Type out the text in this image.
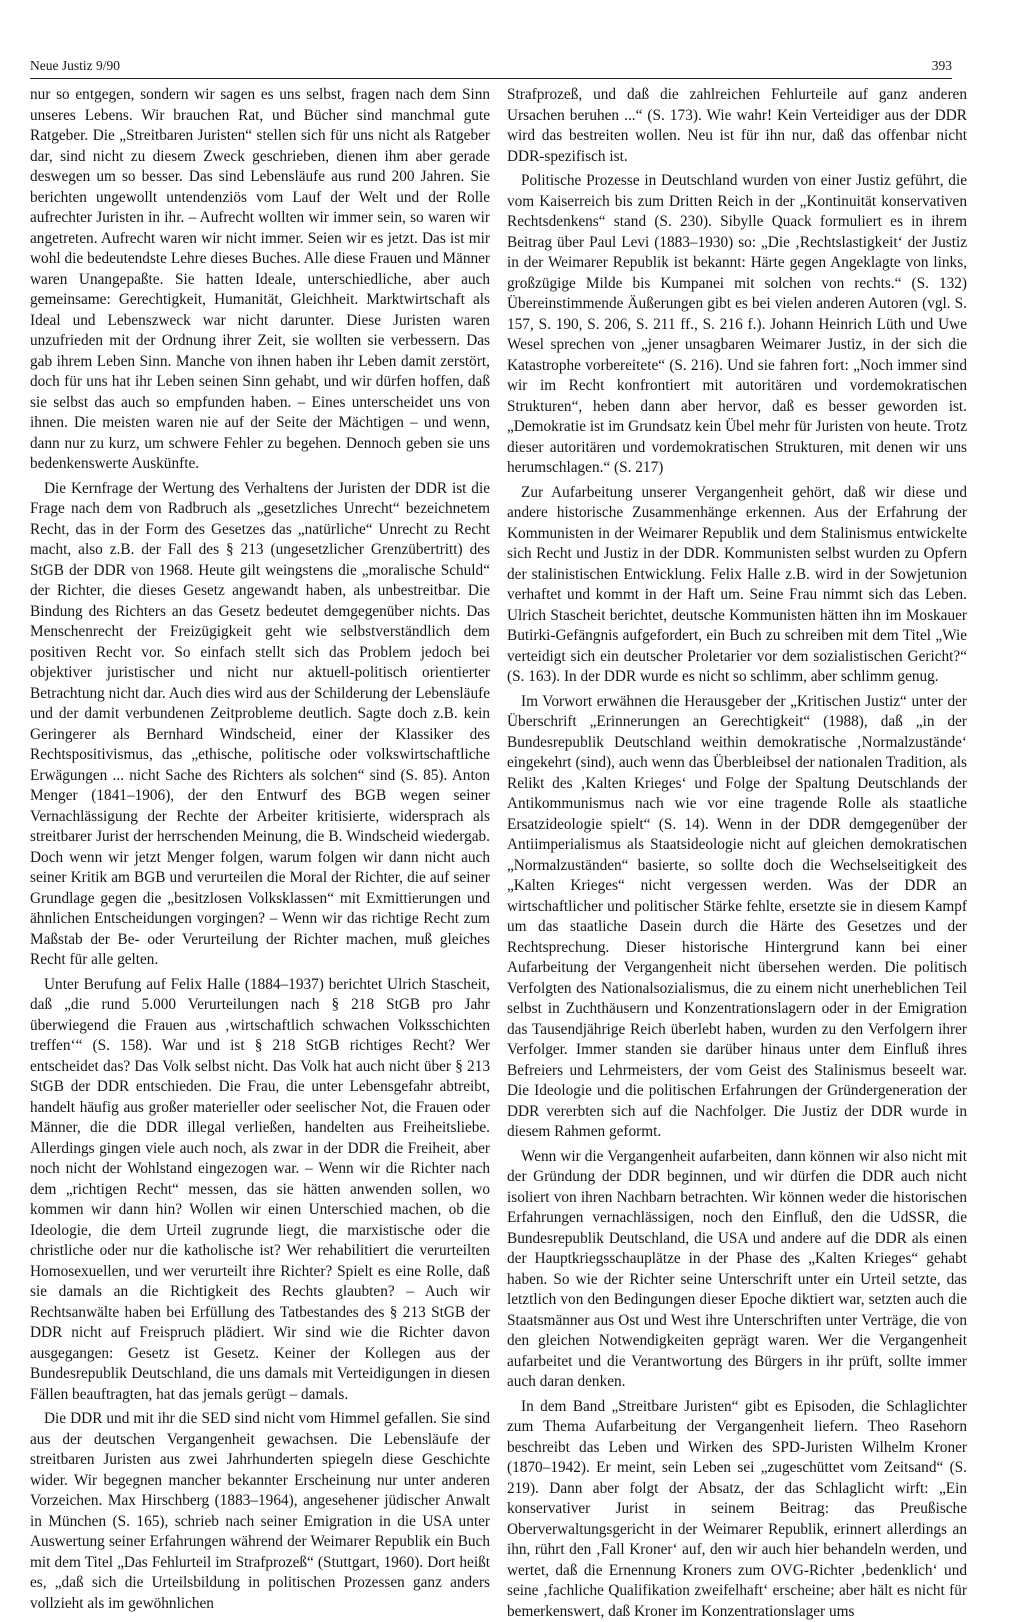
Neue Justiz 9/90	393

nur so entgegen, sondern wir sagen es uns selbst, fragen nach dem Sinn unseres Lebens. Wir brauchen Rat, und Bücher sind manchmal gute Ratgeber. Die „Streitbaren Juristen“ stellen sich für uns nicht als Ratgeber dar, sind nicht zu diesem Zweck geschrieben, dienen ihm aber gerade deswegen um so besser. Das sind Lebensläufe aus rund 200 Jahren. Sie berichten ungewollt untendenziös vom Lauf der Welt und der Rolle aufrechter Juristen in ihr. – Aufrecht wollten wir immer sein, so waren wir angetreten. Aufrecht waren wir nicht immer. Seien wir es jetzt. Das ist mir wohl die bedeutendste Lehre dieses Buches. Alle diese Frauen und Männer waren Unangepaßte. Sie hatten Ideale, unterschiedliche, aber auch gemeinsame: Gerechtigkeit, Humanität, Gleichheit. Marktwirtschaft als Ideal und Lebenszweck war nicht darunter. Diese Juristen waren unzufrieden mit der Ordnung ihrer Zeit, sie wollten sie verbessern. Das gab ihrem Leben Sinn. Manche von ihnen haben ihr Leben damit zerstört, doch für uns hat ihr Leben seinen Sinn gehabt, und wir dürfen hoffen, daß sie selbst das auch so empfunden haben. – Eines unterscheidet uns von ihnen. Die meisten waren nie auf der Seite der Mächtigen – und wenn, dann nur zu kurz, um schwere Fehler zu begehen. Dennoch geben sie uns bedenkenswerte Auskünfte.

Die Kernfrage der Wertung des Verhaltens der Juristen der DDR ist die Frage nach dem von Radbruch als „gesetzliches Unrecht“ bezeichnetem Recht, das in der Form des Gesetzes das „natürliche“ Unrecht zu Recht macht, also z.B. der Fall des § 213 (ungesetzlicher Grenzübertritt) des StGB der DDR von 1968. Heute gilt weingstens die „moralische Schuld“ der Richter, die dieses Gesetz angewandt haben, als unbestreitbar. Die Bindung des Richters an das Gesetz bedeutet demgegenüber nichts. Das Menschenrecht der Freizügigkeit geht wie selbstverständlich dem positiven Recht vor. So einfach stellt sich das Problem jedoch bei objektiver juristischer und nicht nur aktuell-politisch orientierter Betrachtung nicht dar. Auch dies wird aus der Schilderung der Lebensläufe und der damit verbundenen Zeitprobleme deutlich. Sagte doch z.B. kein Geringerer als Bernhard Windscheid, einer der Klassiker des Rechtspositivismus, das „ethische, politische oder volkswirtschaftliche Erwägungen ... nicht Sache des Richters als solchen“ sind (S. 85). Anton Menger (1841–1906), der den Entwurf des BGB wegen seiner Vernachlässigung der Rechte der Arbeiter kritisierte, widersprach als streitbarer Jurist der herrschenden Meinung, die B. Windscheid wiedergab. Doch wenn wir jetzt Menger folgen, warum folgen wir dann nicht auch seiner Kritik am BGB und verurteilen die Moral der Richter, die auf seiner Grundlage gegen die „besitzlosen Volksklassen“ mit Exmittierungen und ähnlichen Entscheidungen vorgingen? – Wenn wir das richtige Recht zum Maßstab der Be- oder Verurteilung der Richter machen, muß gleiches Recht für alle gelten.

Unter Berufung auf Felix Halle (1884–1937) berichtet Ulrich Stascheit, daß „die rund 5.000 Verurteilungen nach § 218 StGB pro Jahr überwiegend die Frauen aus ‚wirtschaftlich schwachen Volksschichten treffen‘“ (S. 158). War und ist § 218 StGB richtiges Recht? Wer entscheidet das? Das Volk selbst nicht. Das Volk hat auch nicht über § 213 StGB der DDR entschieden. Die Frau, die unter Lebensgefahr abtreibt, handelt häufig aus großer materieller oder seelischer Not, die Frauen oder Männer, die die DDR illegal verließen, handelten aus Freiheitsliebe. Allerdings gingen viele auch noch, als zwar in der DDR die Freiheit, aber noch nicht der Wohlstand eingezogen war. – Wenn wir die Richter nach dem „richtigen Recht“ messen, das sie hätten anwenden sollen, wo kommen wir dann hin? Wollen wir einen Unterschied machen, ob die Ideologie, die dem Urteil zugrunde liegt, die marxistische oder die christliche oder nur die katholische ist? Wer rehabilitiert die verurteilten Homosexuellen, und wer verurteilt ihre Richter? Spielt es eine Rolle, daß sie damals an die Richtigkeit des Rechts glaubten? – Auch wir Rechtsanwälte haben bei Erfüllung des Tatbestandes des § 213 StGB der DDR nicht auf Freispruch plädiert. Wir sind wie die Richter davon ausgegangen: Gesetz ist Gesetz. Keiner der Kollegen aus der Bundesrepublik Deutschland, die uns damals mit Verteidigungen in diesen Fällen beauftragten, hat das jemals gerügt – damals.

Die DDR und mit ihr die SED sind nicht vom Himmel gefallen. Sie sind aus der deutschen Vergangenheit gewachsen. Die Lebensläufe der streitbaren Juristen aus zwei Jahrhunderten spiegeln diese Geschichte wider. Wir begegnen mancher bekannter Erscheinung nur unter anderen Vorzeichen. Max Hirschberg (1883–1964), angesehener jüdischer Anwalt in München (S. 165), schrieb nach seiner Emigration in die USA unter Auswertung seiner Erfahrungen während der Weimarer Republik ein Buch mit dem Titel „Das Fehlurteil im Strafprozeß“ (Stuttgart, 1960). Dort heißt es, „daß sich die Urteilsbildung in politischen Prozessen ganz anders vollzieht als im gewöhnlichen

Strafprozeß, und daß die zahlreichen Fehlurteile auf ganz anderen Ursachen beruhen ...“ (S. 173). Wie wahr! Kein Verteidiger aus der DDR wird das bestreiten wollen. Neu ist für ihn nur, daß das offenbar nicht DDR-spezifisch ist.

Politische Prozesse in Deutschland wurden von einer Justiz geführt, die vom Kaiserreich bis zum Dritten Reich in der „Kontinuität konservativen Rechtsdenkens“ stand (S. 230). Sibylle Quack formuliert es in ihrem Beitrag über Paul Levi (1883–1930) so: „Die ‚Rechtslastigkeit‘ der Justiz in der Weimarer Republik ist bekannt: Härte gegen Angeklagte von links, großzügige Milde bis Kumpanei mit solchen von rechts.“ (S. 132) Übereinstimmende Äußerungen gibt es bei vielen anderen Autoren (vgl. S. 157, S. 190, S. 206, S. 211 ff., S. 216 f.). Johann Heinrich Lüth und Uwe Wesel sprechen von „jener unsagbaren Weimarer Justiz, in der sich die Katastrophe vorbereitete“ (S. 216). Und sie fahren fort: „Noch immer sind wir im Recht konfrontiert mit autoritären und vordemokratischen Strukturen“, heben dann aber hervor, daß es besser geworden ist. „Demokratie ist im Grundsatz kein Übel mehr für Juristen von heute. Trotz dieser autoritären und vordemokratischen Strukturen, mit denen wir uns herumschlagen.“ (S. 217)

Zur Aufarbeitung unserer Vergangenheit gehört, daß wir diese und andere historische Zusammenhänge erkennen. Aus der Erfahrung der Kommunisten in der Weimarer Republik und dem Stalinismus entwickelte sich Recht und Justiz in der DDR. Kommunisten selbst wurden zu Opfern der stalinistischen Entwicklung. Felix Halle z.B. wird in der Sowjetunion verhaftet und kommt in der Haft um. Seine Frau nimmt sich das Leben. Ulrich Stascheit berichtet, deutsche Kommunisten hätten ihn im Moskauer Butirki-Gefängnis aufgefordert, ein Buch zu schreiben mit dem Titel „Wie verteidigt sich ein deutscher Proletarier vor dem sozialistischen Gericht?“ (S. 163). In der DDR wurde es nicht so schlimm, aber schlimm genug.

Im Vorwort erwähnen die Herausgeber der „Kritischen Justiz“ unter der Überschrift „Erinnerungen an Gerechtigkeit“ (1988), daß „in der Bundesrepublik Deutschland weithin demokratische ‚Normalzustände‘ eingekehrt (sind), auch wenn das Überbleibsel der nationalen Tradition, als Relikt des ‚Kalten Krieges‘ und Folge der Spaltung Deutschlands der Antikommunismus nach wie vor eine tragende Rolle als staatliche Ersatzideologie spielt“ (S. 14). Wenn in der DDR demgegenüber der Antiimperialismus als Staatsideologie nicht auf gleichen demokratischen „Normalzuständen“ basierte, so sollte doch die Wechselseitigkeit des „Kalten Krieges“ nicht vergessen werden. Was der DDR an wirtschaftlicher und politischer Stärke fehlte, ersetzte sie in diesem Kampf um das staatliche Dasein durch die Härte des Gesetzes und der Rechtsprechung. Dieser historische Hintergrund kann bei einer Aufarbeitung der Vergangenheit nicht übersehen werden. Die politisch Verfolgten des Nationalsozialismus, die zu einem nicht unerheblichen Teil selbst in Zuchthäusern und Konzentrationslagern oder in der Emigration das Tausendjährige Reich überlebt haben, wurden zu den Verfolgern ihrer Verfolger. Immer standen sie darüber hinaus unter dem Einfluß ihres Befreiers und Lehrmeisters, der vom Geist des Stalinismus beseelt war. Die Ideologie und die politischen Erfahrungen der Gründergeneration der DDR vererbten sich auf die Nachfolger. Die Justiz der DDR wurde in diesem Rahmen geformt.

Wenn wir die Vergangenheit aufarbeiten, dann können wir also nicht mit der Gründung der DDR beginnen, und wir dürfen die DDR auch nicht isoliert von ihren Nachbarn betrachten. Wir können weder die historischen Erfahrungen vernachlässigen, noch den Einfluß, den die UdSSR, die Bundesrepublik Deutschland, die USA und andere auf die DDR als einen der Hauptkriegsschauplätze in der Phase des „Kalten Krieges“ gehabt haben. So wie der Richter seine Unterschrift unter ein Urteil setzte, das letztlich von den Bedingungen dieser Epoche diktiert war, setzten auch die Staatsmänner aus Ost und West ihre Unterschriften unter Verträge, die von den gleichen Notwendigkeiten geprägt waren. Wer die Vergangenheit aufarbeitet und die Verantwortung des Bürgers in ihr prüft, sollte immer auch daran denken.

In dem Band „Streitbare Juristen“ gibt es Episoden, die Schlaglichter zum Thema Aufarbeitung der Vergangenheit liefern. Theo Rasehorn beschreibt das Leben und Wirken des SPD-Juristen Wilhelm Kroner (1870–1942). Er meint, sein Leben sei „zugeschüttet vom Zeitsand“ (S. 219). Dann aber folgt der Absatz, der das Schlaglicht wirft: „Ein konservativer Jurist in seinem Beitrag: das Preußische Oberverwaltungsgericht in der Weimarer Republik, erinnert allerdings an ihn, rührt den ‚Fall Kroner‘ auf, den wir auch hier behandeln werden, und wertet, daß die Ernennung Kroners zum OVG-Richter ‚bedenklich‘ und seine ‚fachliche Qualifikation zweifelhaft‘ erscheine; aber hält es nicht für bemerkenswert, daß Kroner im Konzentrationslager ums
